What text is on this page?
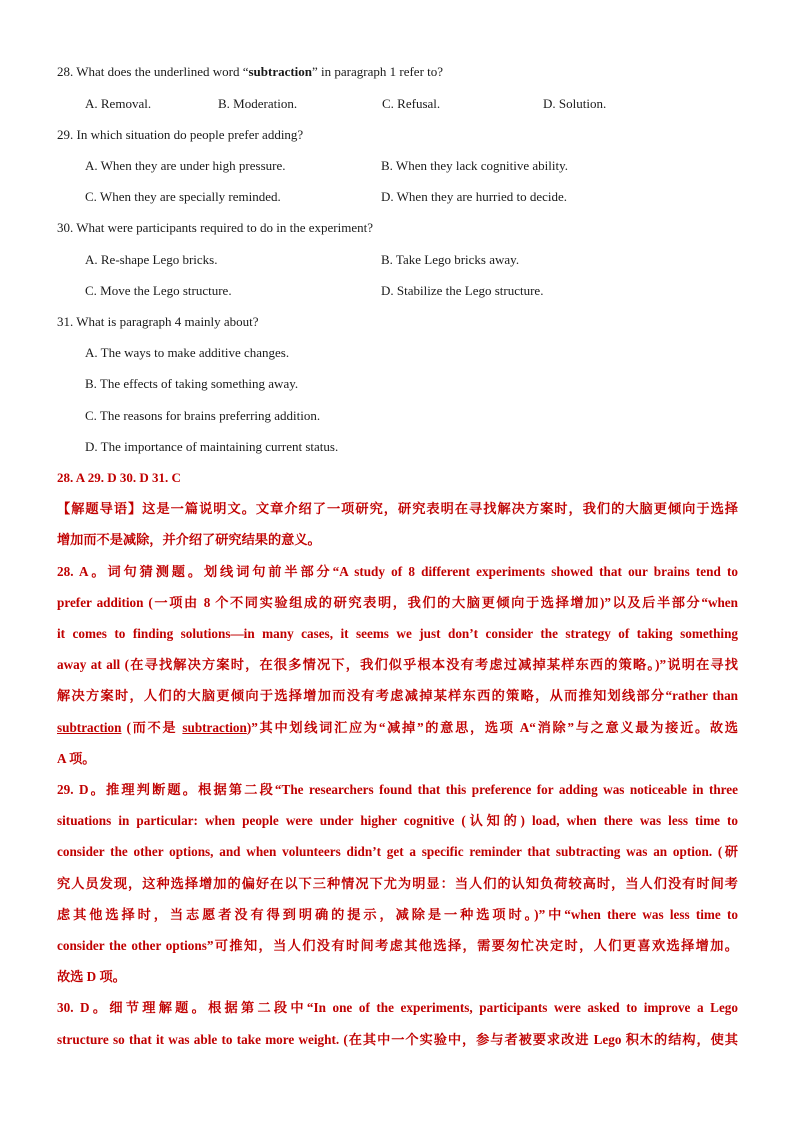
28. What does the underlined word “subtraction” in paragraph 1 refer to?
A. Removal.	B. Moderation.	C. Refusal.	D. Solution.
29. In which situation do people prefer adding?
A. When they are under high pressure.	B. When they lack cognitive ability.
C. When they are specially reminded.	D. When they are hurried to decide.
30. What were participants required to do in the experiment?
A. Re-shape Lego bricks.	B. Take Lego bricks away.
C. Move the Lego structure.	D. Stabilize the Lego structure.
31. What is paragraph 4 mainly about?
A. The ways to make additive changes.
B. The effects of taking something away.
C. The reasons for brains preferring addition.
D. The importance of maintaining current status.
28. A 29. D 30. D 31. C
【解题导语】这是一篇说明文。文章介绍了一项研究，研究表明在寻找解决方案时，我们的大脑更倾向于选择
增加而不是减除，并介绍了研究结果的意义。
28. A。词句猜测题。划线词句前半部分“A study of 8 different experiments showed that our brains tend to
prefer addition (一项由 8 个不同实验组成的研究表明，我们的大脑更倾向于选择增加)”以及后半部分“when
it comes to finding solutions—in many cases, it seems we just don’t consider the strategy of taking something
away at all (在寻找解决方案时，在很多情况下，我们似乎根本没有考虑过减掉某样东西的策略。)”说明在寻找
解决方案时，人们的大脑更倾向于选择增加而没有考虑减掉某样东西的策略，从而推知划线部分“rather than
subtraction (而不是 subtraction)”其中划线词汇应为“减掉”的意思，选项 A“消除”与之意义最为接近。故选
A 项。
29. D。推理判断题。根据第二段“The researchers found that this preference for adding was noticeable in three
situations in particular: when people were under higher cognitive (认知的) load, when there was less time to
consider the other options, and when volunteers didn’t get a specific reminder that subtracting was an option. (研
究人员发现，这种选择增加的偏好在以下三种情况下尤为明显：当人们的认知负荷较高时，当人们没有时间考
虑其他选择时，当志愿者没有得到明确的提示，减除是一种选项时。)”中“when there was less time to
consider the other options”可推知，当人们没有时间考虑其他选择，需要匆忙决定时，人们更喜欢选择增加。
故选 D 项。
30. D。细节理解题。根据第二段中“In one of the experiments, participants were asked to improve a Lego
structure so that it was able to take more weight. (在其中一个实验中，参与者被要求改进 Lego 积木的结构，使其
